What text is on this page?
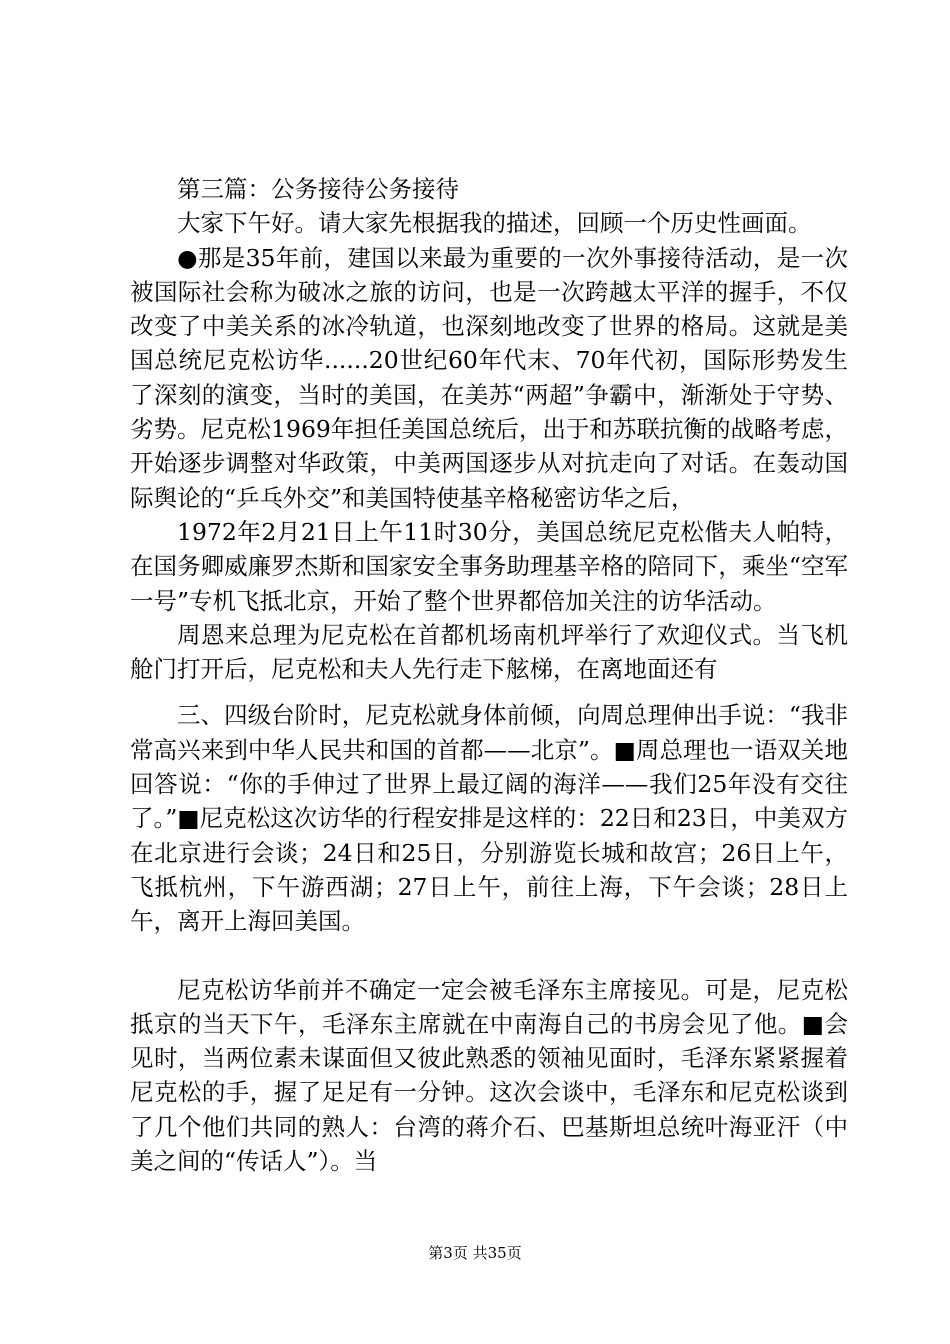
第三篇：公务接待公务接待

大家下午好。请大家先根据我的描述，回顾一个历史性画面。

●那是35年前，建国以来最为重要的一次外事接待活动，是一次被国际社会称为破冰之旅的访问，也是一次跨越太平洋的握手，不仅改变了中美关系的冰冷轨道，也深刻地改变了世界的格局。这就是美国总统尼克松访华......20世纪60年代末、70年代初，国际形势发生了深刻的演变，当时的美国，在美苏“两超”争霸中，渐渐处于守势、劣势。尼克松1969年担任美国总统后，出于和苏联抗衡的战略考虑，开始逐步调整对华政策，中美两国逐步从对抗走向了对话。在轰动国际舆论的“乒乓外交”和美国特使基辛格秘密访华之后，

1972年2月21日上午11时30分，美国总统尼克松偕夫人帕特，在国务卿威廉罗杰斯和国家安全事务助理基辛格的陪同下，乘坐“空军一号”专机飞抵北京，开始了整个世界都倍加关注的访华活动。

周恩来总理为尼克松在首都机场南机坪举行了欢迎仪式。当飞机舱门打开后，尼克松和夫人先行走下舷梯，在离地面还有

三、四级台阶时，尼克松就身体前倾，向周总理伸出手说：“我非常高兴来到中华人民共和国的首都——北京”。■周总理也一语双关地回答说：“你的手伸过了世界上最辽阔的海洋——我们25年没有交往了。”■尼克松这次访华的行程安排是这样的：22日和23日，中美双方在北京进行会谈；24日和25日，分别游览长城和故宫；26日上午，飞抵杭州，下午游西湖；27日上午，前往上海，下午会谈；28日上午，离开上海回美国。

尼克松访华前并不确定一定会被毛泽东主席接见。可是，尼克松抵京的当天下午，毛泽东主席就在中南海自己的书房会见了他。■会见时，当两位素未谋面但又彼此熟悉的领袖见面时，毛泽东紧紧握着尼克松的手，握了足足有一分钟。这次会谈中，毛泽东和尼克松谈到了几个他们共同的熟人：台湾的蒋介石、巴基斯坦总统叶海亚汗（中美之间的“传话人”）。当

第3页 共35页
